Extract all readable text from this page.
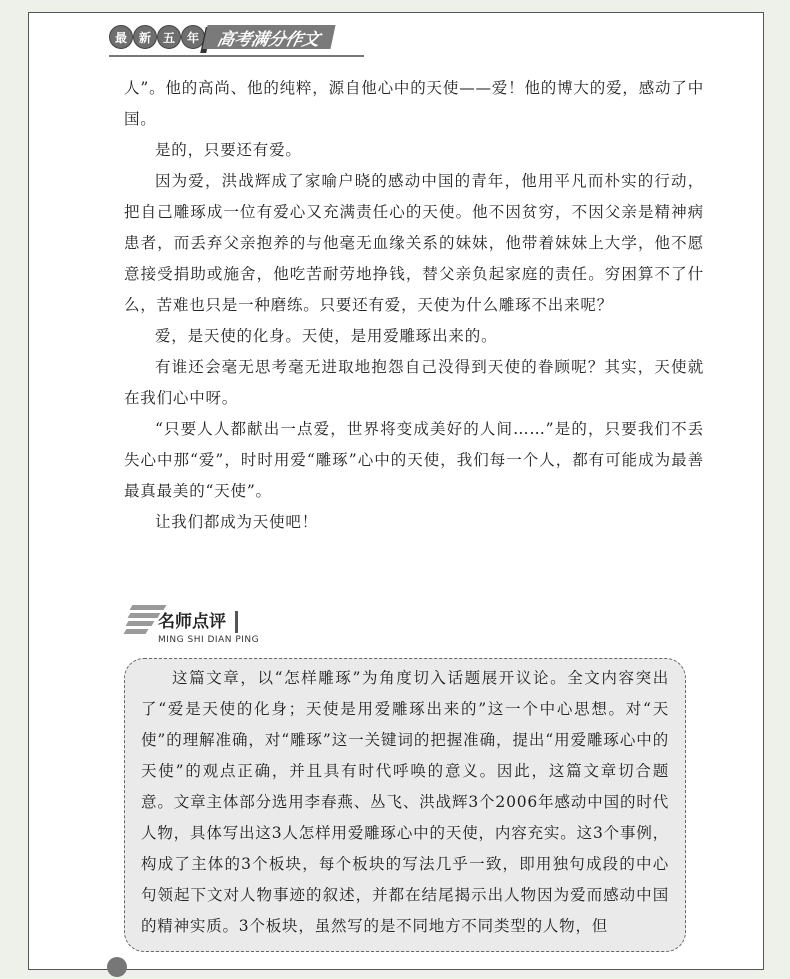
最 新 五 年 高考满分作文

人”。他的高尚、他的纯粹，源自他心中的天使——爱！他的博大的爱，感动了中国。

是的，只要还有爱。

因为爱，洪战辉成了家喻户晓的感动中国的青年，他用平凡而朴实的行动，把自己雕琢成一位有爱心又充满责任心的天使。他不因贫穷，不因父亲是精神病患者，而丢弃父亲抱养的与他毫无血缘关系的妹妹，他带着妹妹上大学，他不愿意接受捐助或施舍，他吃苦耐劳地挣钱，替父亲负起家庭的责任。穷困算不了什么，苦难也只是一种磨练。只要还有爱，天使为什么雕琢不出来呢？

爱，是天使的化身。天使，是用爱雕琢出来的。

有谁还会毫无思考毫无进取地抱怨自己没得到天使的眷顾呢？其实，天使就在我们心中呀。

“只要人人都献出一点爱，世界将变成美好的人间……”是的，只要我们不丢失心中那“爱”，时时用爱“雕琢”心中的天使，我们每一个人，都有可能成为最善最真最美的“天使”。

让我们都成为天使吧！

名师点评
MING SHI DIAN PING

这篇文章，以“怎样雕琢”为角度切入话题展开议论。全文内容突出了“爱是天使的化身；天使是用爱雕琢出来的”这一个中心思想。对“天使”的理解准确，对“雕琢”这一关键词的把握准确，提出“用爱雕琢心中的天使”的观点正确，并且具有时代呼唤的意义。因此，这篇文章切合题意。文章主体部分选用李春燕、丛飞、洪战辉3个2006年感动中国的时代人物，具体写出这3人怎样用爱雕琢心中的天使，内容充实。这3个事例，构成了主体的3个板块，每个板块的写法几乎一致，即用独句成段的中心句领起下文对人物事迹的叙述，并都在结尾揭示出人物因为爱而感动中国的精神实质。3个板块，虽然写的是不同地方不同类型的人物，但
